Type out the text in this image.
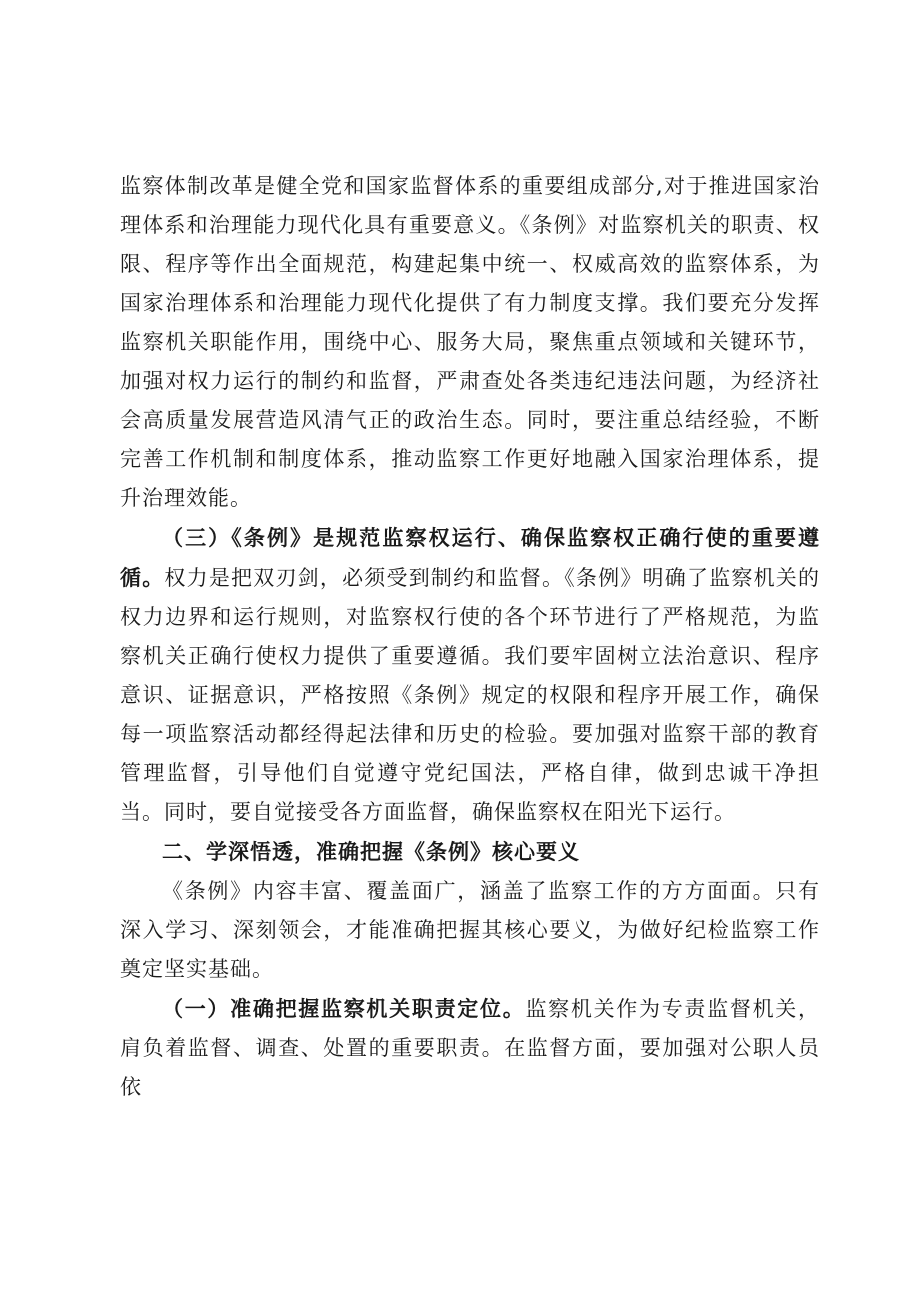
监察体制改革是健全党和国家监督体系的重要组成部分,对于推进国家治理体系和治理能力现代化具有重要意义。《条例》对监察机关的职责、权限、程序等作出全面规范，构建起集中统一、权威高效的监察体系，为国家治理体系和治理能力现代化提供了有力制度支撑。我们要充分发挥监察机关职能作用，围绕中心、服务大局，聚焦重点领域和关键环节，加强对权力运行的制约和监督，严肃查处各类违纪违法问题，为经济社会高质量发展营造风清气正的政治生态。同时，要注重总结经验，不断完善工作机制和制度体系，推动监察工作更好地融入国家治理体系，提升治理效能。

（三）《条例》是规范监察权运行、确保监察权正确行使的重要遵循。权力是把双刃剑，必须受到制约和监督。《条例》明确了监察机关的权力边界和运行规则，对监察权行使的各个环节进行了严格规范，为监察机关正确行使权力提供了重要遵循。我们要牢固树立法治意识、程序意识、证据意识，严格按照《条例》规定的权限和程序开展工作，确保每一项监察活动都经得起法律和历史的检验。要加强对监察干部的教育管理监督，引导他们自觉遵守党纪国法，严格自律，做到忠诚干净担当。同时，要自觉接受各方面监督，确保监察权在阳光下运行。

二、学深悟透，准确把握《条例》核心要义

《条例》内容丰富、覆盖面广，涵盖了监察工作的方方面面。只有深入学习、深刻领会，才能准确把握其核心要义，为做好纪检监察工作奠定坚实基础。

（一）准确把握监察机关职责定位。监察机关作为专责监督机关，肩负着监督、调查、处置的重要职责。在监督方面，要加强对公职人员依
